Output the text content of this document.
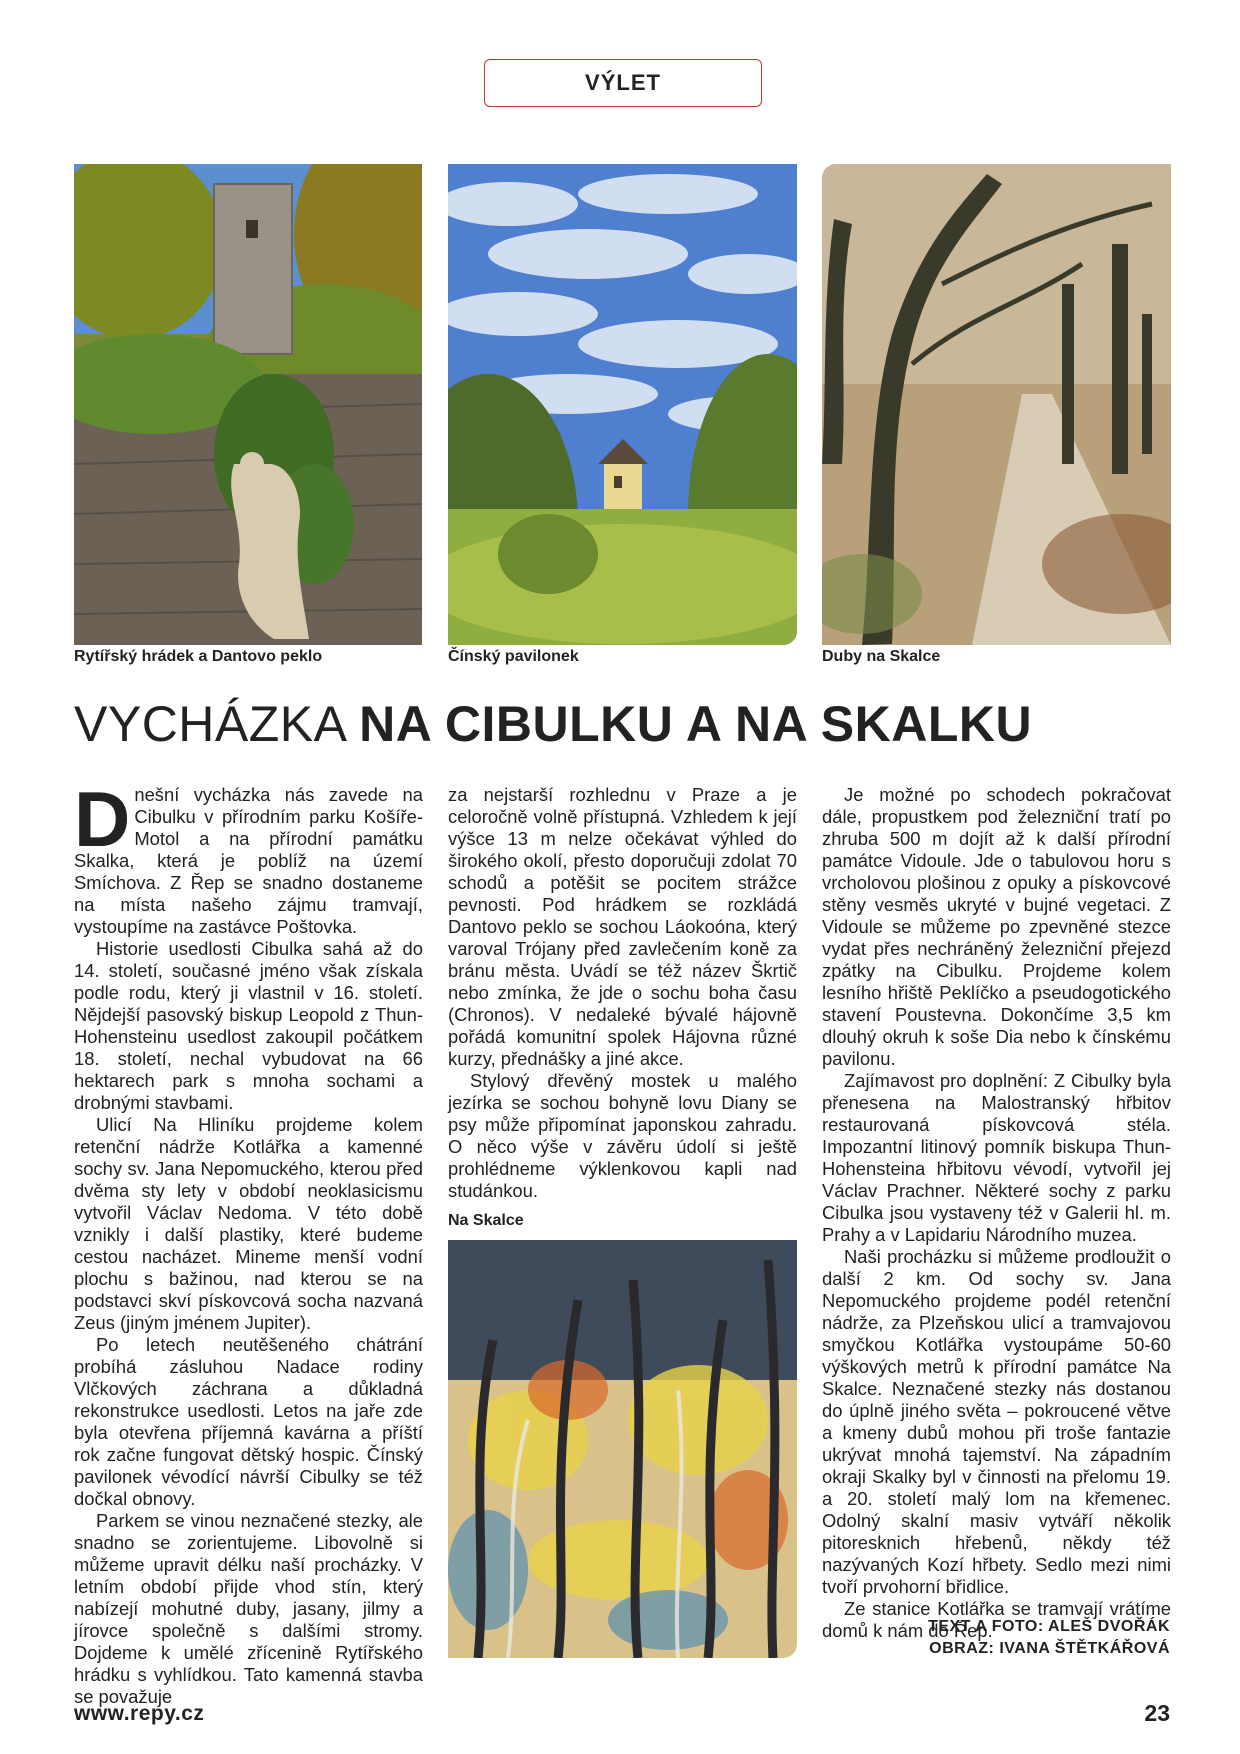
VÝLET
Rytířský hrádek a Dantovo peklo	Čínský pavilonek	Duby na Skalce
VYCHÁZKA NA CIBULKU A NA SKALKU

Dnešní vycházka nás zavede na Cibulku v přírodním parku Košíře-Motol a na přírodní památku Skalka, která je poblíž na území Smíchova. Z Řep se snadno dostaneme na místa našeho zájmu tramvají, vystoupíme na zastávce Poštovka.

Historie usedlosti Cibulka sahá až do 14. století, současné jméno však získala podle rodu, který ji vlastnil v 16. století. Nějdejší pasovský biskup Leopold z Thun-Hohensteinu usedlost zakoupil počátkem 18. století, nechal vybudovat na 66 hektarech park s mnoha sochami a drobnými stavbami.

Ulicí Na Hliníku projdeme kolem retenční nádrže Kotlářka a kamenné sochy sv. Jana Nepomuckého, kterou před dvěma sty lety v období neoklasicismu vytvořil Václav Nedoma. V této době vznikly i další plastiky, které budeme cestou nacházet. Mineme menší vodní plochu s bažinou, nad kterou se na podstavci skví pískovcová socha nazvaná Zeus (jiným jménem Jupiter).

Po letech neutěšeného chátrání probíhá zásluhou Nadace rodiny Vlčkových záchrana a důkladná rekonstrukce usedlosti. Letos na jaře zde byla otevřena příjemná kavárna a příští rok začne fungovat dětský hospic. Čínský pavilonek vévodící návrší Cibulky se též dočkal obnovy.

Parkem se vinou neznačené stezky, ale snadno se zorientujeme. Libovolně si můžeme upravit délku naší procházky. V letním období přijde vhod stín, který nabízejí mohutné duby, jasany, jilmy a jírovce společně s dalšími stromy. Dojdeme k umělé zřícenině Rytířského hrádku s vyhlídkou. Tato kamenná stavba se považuje

za nejstarší rozhlednu v Praze a je celoročně volně přístupná. Vzhledem k její výšce 13 m nelze očekávat výhled do širokého okolí, přesto doporučuji zdolat 70 schodů a potěšit se pocitem strážce pevnosti. Pod hrádkem se rozkládá Dantovo peklo se sochou Láokoóna, který varoval Trójany před zavlečením koně za bránu města. Uvádí se též název Škrtič nebo zmínka, že jde o sochu boha času (Chronos). V nedaleké bývalé hájovně pořádá komunitní spolek Hájovna různé kurzy, přednášky a jiné akce.

Stylový dřevěný mostek u malého jezírka se sochou bohyně lovu Diany se psy může připomínat japonskou zahradu. O něco výše v závěru údolí si ještě prohlédneme výklenkovou kapli nad studánkou.

Na Skalce

Je možné po schodech pokračovat dále, propustkem pod železniční tratí po zhruba 500 m dojít až k další přírodní památce Vidoule. Jde o tabulovou horu s vrcholovou plošinou z opuky a pískovcové stěny vesměs ukryté v bujné vegetaci. Z Vidoule se můžeme po zpevněné stezce vydat přes nechráněný železniční přejezd zpátky na Cibulku. Projdeme kolem lesního hřiště Peklíčko a pseudogotického stavení Poustevna. Dokončíme 3,5 km dlouhý okruh k soše Dia nebo k čínskému pavilonu.

Zajímavost pro doplnění: Z Cibulky byla přenesena na Malostranský hřbitov restaurovaná pískovcová stéla. Impozantní litinový pomník biskupa Thun-Hohensteina hřbitovu vévodí, vytvořil jej Václav Prachner. Některé sochy z parku Cibulka jsou vystaveny též v Galerii hl. m. Prahy a v Lapidariu Národního muzea.

Naši procházku si můžeme prodloužit o další 2 km. Od sochy sv. Jana Nepomuckého projdeme podél retenční nádrže, za Plzeňskou ulicí a tramvajovou smyčkou Kotlářka vystoupáme 50-60 výškových metrů k přírodní památce Na Skalce. Neznačené stezky nás dostanou do úplně jiného světa – pokroucené větve a kmeny dubů mohou při troše fantazie ukrývat mnohá tajemství. Na západním okraji Skalky byl v činnosti na přelomu 19. a 20. století malý lom na křemenec. Odolný skalní masiv vytváří několik pitoresknich hřebenů, někdy též nazývaných Kozí hřbety. Sedlo mezi nimi tvoří prvohorní břidlice.

Ze stanice Kotlářka se tramvají vrátíme domů k nám do Řep.

TEXT A FOTO: ALEŠ DVOŘÁK
OBRAZ: IVANA ŠTĚTKÁŘOVÁ
www.repy.cz	23
